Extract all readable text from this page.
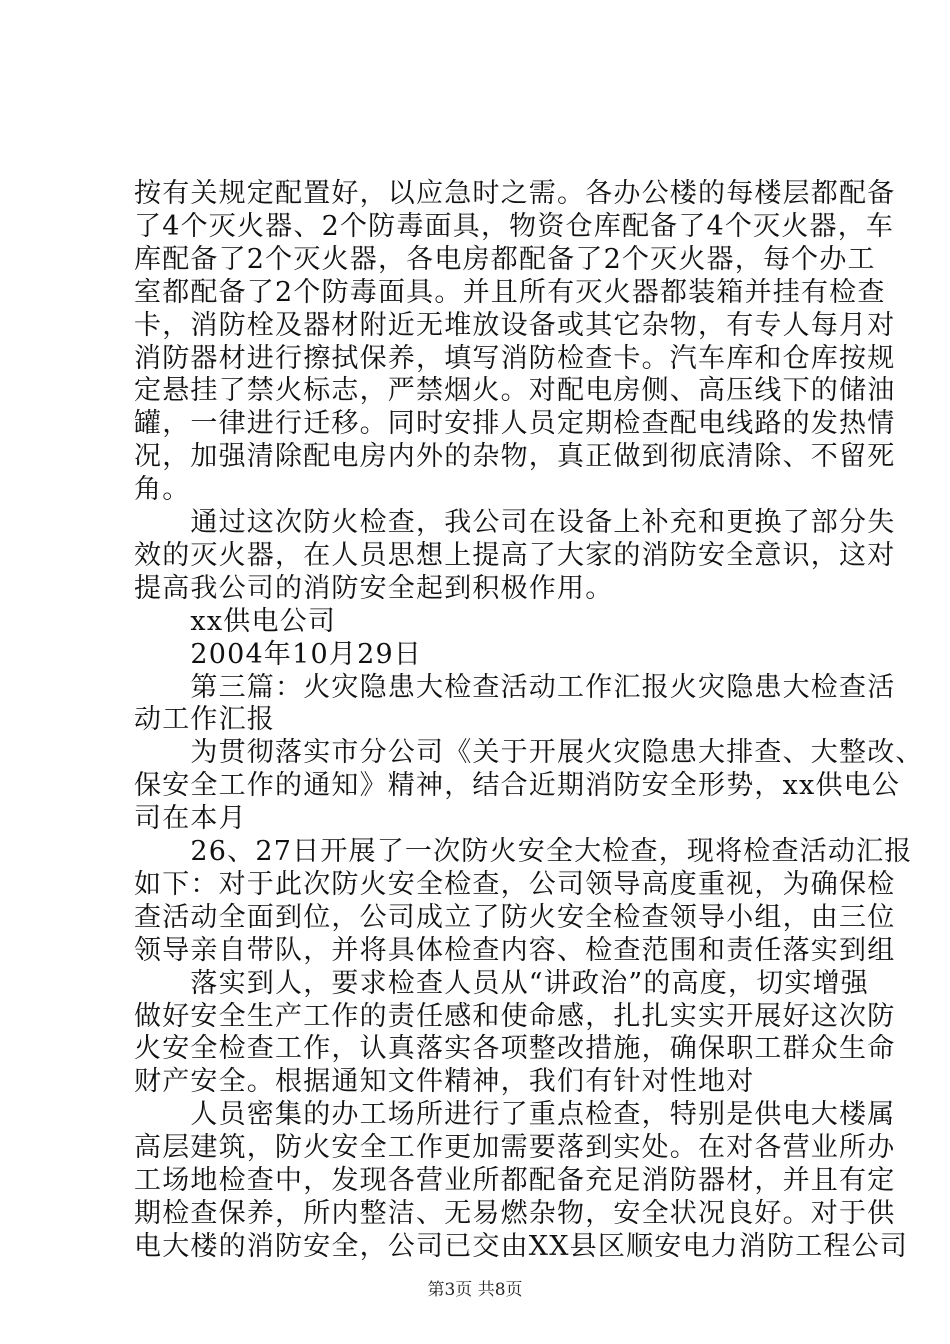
按有关规定配置好，以应急时之需。各办公楼的每楼层都配备
了4个灭火器、2个防毒面具，物资仓库配备了4个灭火器，车
库配备了2个灭火器，各电房都配备了2个灭火器，每个办工
室都配备了2个防毒面具。并且所有灭火器都装箱并挂有检查
卡，消防栓及器材附近无堆放设备或其它杂物，有专人每月对
消防器材进行擦拭保养，填写消防检查卡。汽车库和仓库按规
定悬挂了禁火标志，严禁烟火。对配电房侧、高压线下的储油
罐，一律进行迁移。同时安排人员定期检查配电线路的发热情
况，加强清除配电房内外的杂物，真正做到彻底清除、不留死
角。
　　通过这次防火检查，我公司在设备上补充和更换了部分失
效的灭火器，在人员思想上提高了大家的消防安全意识，这对
提高我公司的消防安全起到积极作用。
　　xx供电公司
　　2004年10月29日
　　第三篇：火灾隐患大检查活动工作汇报火灾隐患大检查活
动工作汇报
　　为贯彻落实市分公司《关于开展火灾隐患大排查、大整改、
保安全工作的通知》精神，结合近期消防安全形势，xx供电公
司在本月
　　26、27日开展了一次防火安全大检查，现将检查活动汇报
如下：对于此次防火安全检查，公司领导高度重视，为确保检
查活动全面到位，公司成立了防火安全检查领导小组，由三位
领导亲自带队，并将具体检查内容、检查范围和责任落实到组
　　落实到人，要求检查人员从“讲政治”的高度，切实增强
做好安全生产工作的责任感和使命感，扎扎实实开展好这次防
火安全检查工作，认真落实各项整改措施，确保职工群众生命
财产安全。根据通知文件精神，我们有针对性地对
　　人员密集的办工场所进行了重点检查，特别是供电大楼属
高层建筑，防火安全工作更加需要落到实处。在对各营业所办
工场地检查中，发现各营业所都配备充足消防器材，并且有定
期检查保养，所内整洁、无易燃杂物，安全状况良好。对于供
第3页 共8页
电大楼的消防安全，公司已交由XX县区顺安电力消防工程公司
